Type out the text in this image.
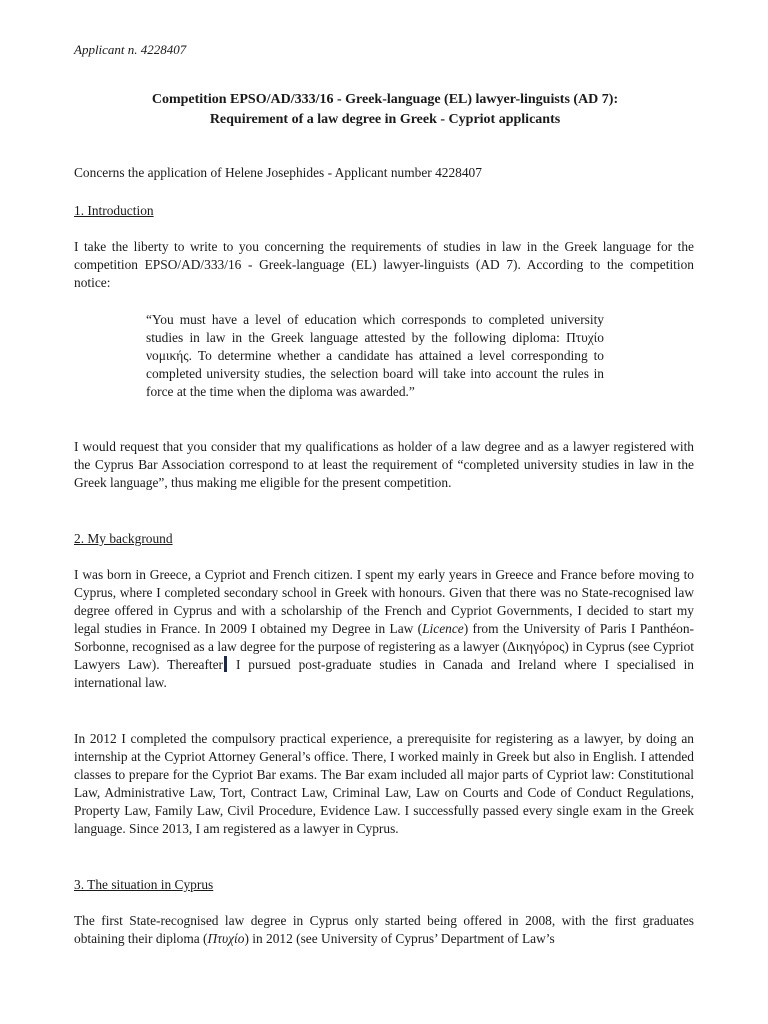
Applicant n. 4228407
Competition EPSO/AD/333/16 - Greek-language (EL) lawyer-linguists (AD 7):
Requirement of a law degree in Greek - Cypriot applicants
Concerns the application of Helene Josephides - Applicant number 4228407
1. Introduction
I take the liberty to write to you concerning the requirements of studies in law in the Greek language for the competition EPSO/AD/333/16 - Greek-language (EL) lawyer-linguists (AD 7). According to the competition notice:
“You must have a level of education which corresponds to completed university studies in law in the Greek language attested by the following diploma: Πτυχίο νομικής. To determine whether a candidate has attained a level corresponding to completed university studies, the selection board will take into account the rules in force at the time when the diploma was awarded.”
I would request that you consider that my qualifications as holder of a law degree and as a lawyer registered with the Cyprus Bar Association correspond to at least the requirement of “completed university studies in law in the Greek language”, thus making me eligible for the present competition.
2. My background
I was born in Greece, a Cypriot and French citizen. I spent my early years in Greece and France before moving to Cyprus, where I completed secondary school in Greek with honours. Given that there was no State-recognised law degree offered in Cyprus and with a scholarship of the French and Cypriot Governments, I decided to start my legal studies in France. In 2009 I obtained my Degree in Law (Licence) from the University of Paris I Panthéon-Sorbonne, recognised as a law degree for the purpose of registering as a lawyer (Δικηγόρος) in Cyprus (see Cypriot Lawyers Law). Thereafter I pursued post-graduate studies in Canada and Ireland where I specialised in international law.
In 2012 I completed the compulsory practical experience, a prerequisite for registering as a lawyer, by doing an internship at the Cypriot Attorney General’s office. There, I worked mainly in Greek but also in English. I attended classes to prepare for the Cypriot Bar exams. The Bar exam included all major parts of Cypriot law: Constitutional Law, Administrative Law, Tort, Contract Law, Criminal Law, Law on Courts and Code of Conduct Regulations, Property Law, Family Law, Civil Procedure, Evidence Law. I successfully passed every single exam in the Greek language. Since 2013, I am registered as a lawyer in Cyprus.
3. The situation in Cyprus
The first State-recognised law degree in Cyprus only started being offered in 2008, with the first graduates obtaining their diploma (Πτυχίο) in 2012 (see University of Cyprus’ Department of Law’s
